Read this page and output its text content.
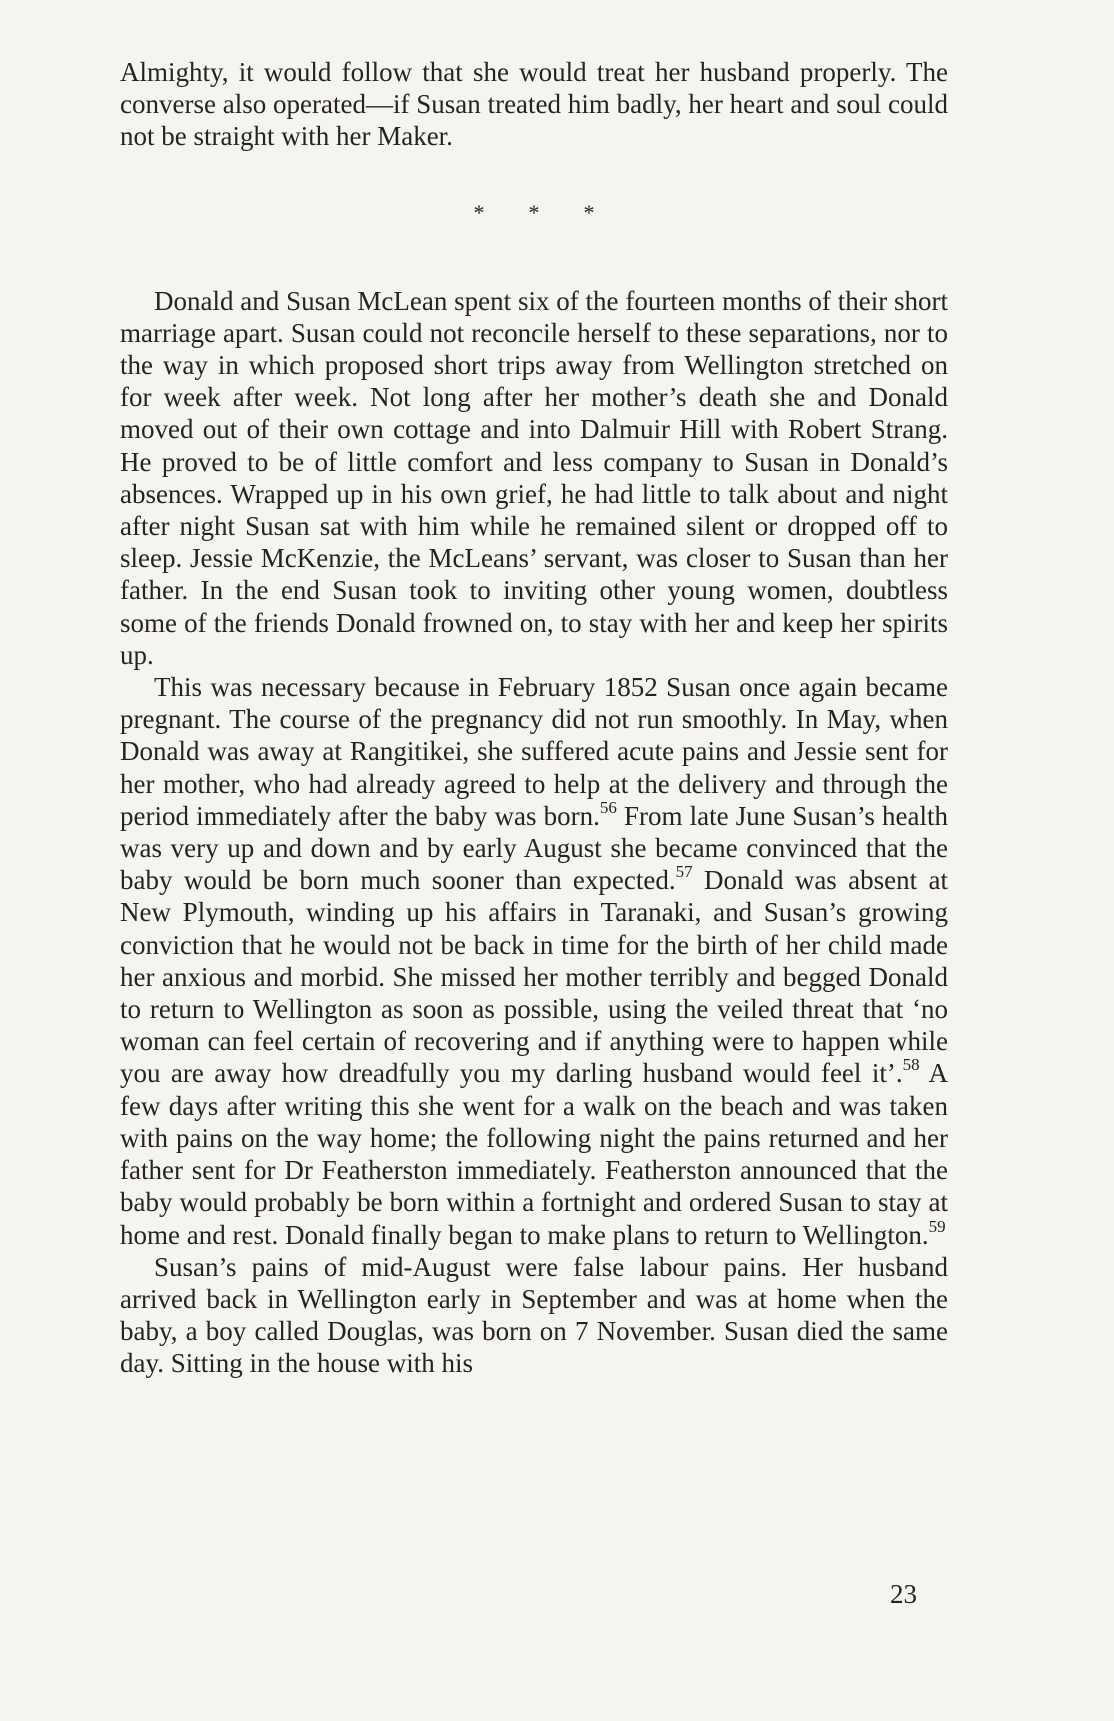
Almighty, it would follow that she would treat her husband properly. The converse also operated—if Susan treated him badly, her heart and soul could not be straight with her Maker.

* * *

Donald and Susan McLean spent six of the fourteen months of their short marriage apart. Susan could not reconcile herself to these separations, nor to the way in which proposed short trips away from Wellington stretched on for week after week. Not long after her mother’s death she and Donald moved out of their own cottage and into Dalmuir Hill with Robert Strang. He proved to be of little comfort and less company to Susan in Donald’s absences. Wrapped up in his own grief, he had little to talk about and night after night Susan sat with him while he remained silent or dropped off to sleep. Jessie McKenzie, the McLeans’ servant, was closer to Susan than her father. In the end Susan took to inviting other young women, doubtless some of the friends Donald frowned on, to stay with her and keep her spirits up.

This was necessary because in February 1852 Susan once again became pregnant. The course of the pregnancy did not run smoothly. In May, when Donald was away at Rangitikei, she suffered acute pains and Jessie sent for her mother, who had already agreed to help at the delivery and through the period immediately after the baby was born.$^{56}$ From late June Susan’s health was very up and down and by early August she became convinced that the baby would be born much sooner than expected.$^{57}$ Donald was absent at New Plymouth, winding up his affairs in Taranaki, and Susan’s growing conviction that he would not be back in time for the birth of her child made her anxious and morbid. She missed her mother terribly and begged Donald to return to Wellington as soon as possible, using the veiled threat that ‘no woman can feel certain of recovering and if anything were to happen while you are away how dreadfully you my darling husband would feel it’.$^{58}$ A few days after writing this she went for a walk on the beach and was taken with pains on the way home; the following night the pains returned and her father sent for Dr Featherston immediately. Featherston announced that the baby would probably be born within a fortnight and ordered Susan to stay at home and rest. Donald finally began to make plans to return to Wellington.$^{59}$

Susan’s pains of mid-August were false labour pains. Her husband arrived back in Wellington early in September and was at home when the baby, a boy called Douglas, was born on 7 November. Susan died the same day. Sitting in the house with his

23
